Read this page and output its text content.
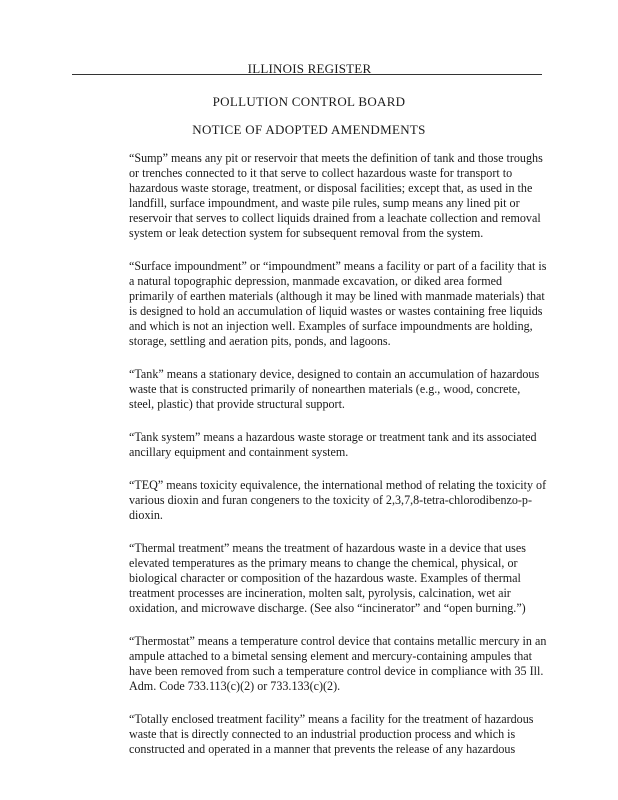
ILLINOIS REGISTER
POLLUTION CONTROL BOARD
NOTICE OF ADOPTED AMENDMENTS

“Sump” means any pit or reservoir that meets the definition of tank and those troughs or trenches connected to it that serve to collect hazardous waste for transport to hazardous waste storage, treatment, or disposal facilities; except that, as used in the landfill, surface impoundment, and waste pile rules, sump means any lined pit or reservoir that serves to collect liquids drained from a leachate collection and removal system or leak detection system for subsequent removal from the system.

“Surface impoundment” or “impoundment” means a facility or part of a facility that is a natural topographic depression, manmade excavation, or diked area formed primarily of earthen materials (although it may be lined with manmade materials) that is designed to hold an accumulation of liquid wastes or wastes containing free liquids and which is not an injection well. Examples of surface impoundments are holding, storage, settling and aeration pits, ponds, and lagoons.

“Tank” means a stationary device, designed to contain an accumulation of hazardous waste that is constructed primarily of nonearthen materials (e.g., wood, concrete, steel, plastic) that provide structural support.

“Tank system” means a hazardous waste storage or treatment tank and its associated ancillary equipment and containment system.

“TEQ” means toxicity equivalence, the international method of relating the toxicity of various dioxin and furan congeners to the toxicity of 2,3,7,8-tetra-chlorodibenzo-p-dioxin.

“Thermal treatment” means the treatment of hazardous waste in a device that uses elevated temperatures as the primary means to change the chemical, physical, or biological character or composition of the hazardous waste. Examples of thermal treatment processes are incineration, molten salt, pyrolysis, calcination, wet air oxidation, and microwave discharge. (See also “incinerator” and “open burning.”)

“Thermostat” means a temperature control device that contains metallic mercury in an ampule attached to a bimetal sensing element and mercury-containing ampules that have been removed from such a temperature control device in compliance with 35 Ill. Adm. Code 733.113(c)(2) or 733.133(c)(2).

“Totally enclosed treatment facility” means a facility for the treatment of hazardous waste that is directly connected to an industrial production process and which is constructed and operated in a manner that prevents the release of any hazardous
